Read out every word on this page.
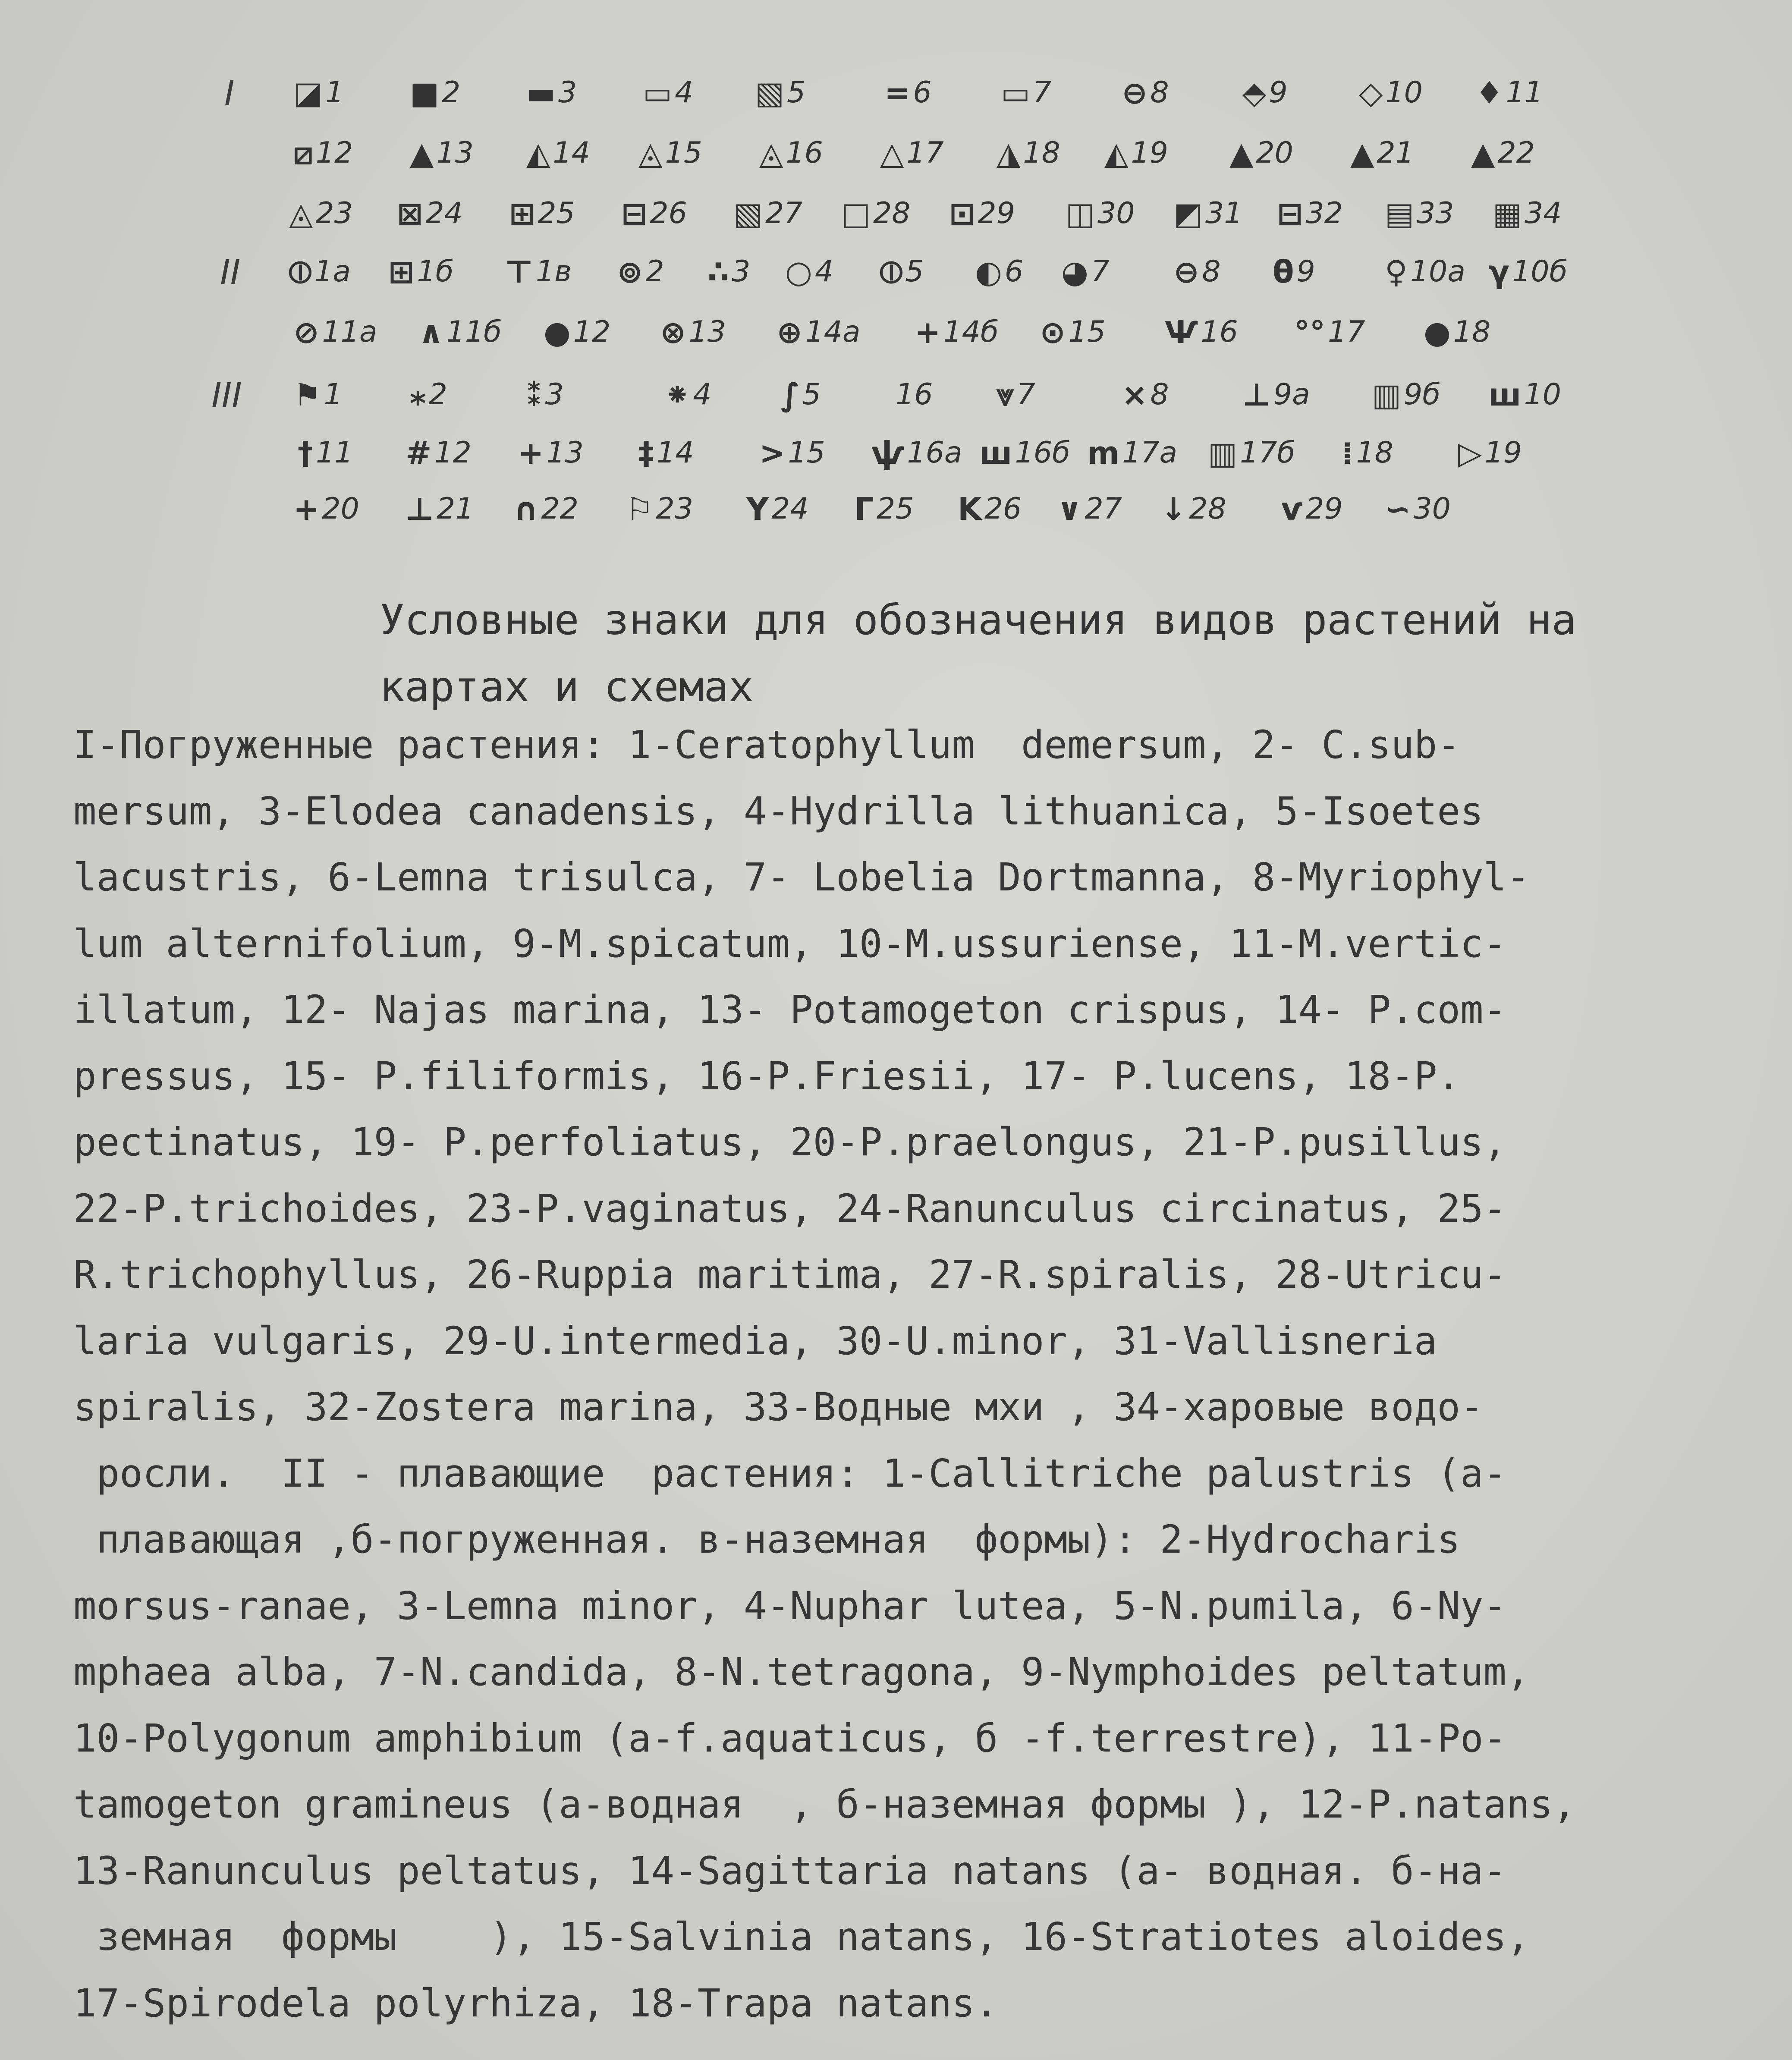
I ◪ 1 ■ 2 ▬ 3 ▭ 4 ▧ 5	= 6 ▭ 7 ⊖ 8 ⬘ 9 ◇ 10 ♦ 11
⧄ 12 ▲ 13 ◭ 14 ◬ 15 ◬ 16 △ 17 ◮ 18 ◭ 19 ▲ 20 ▲ 21 ▲ 22
◬ 23 ⊠ 24 ⊞ 25 ⊟ 26 ▧ 27 □ 28 ⊡ 29 ◫ 30 ◩ 31 ⊟ 32 ▤ 33 ▦ 34
II ⦶ 1a ⊞ 1б ⊤ 1в ⊚ 2 ∴ 3 ○ 4 ⦶ 5 ◐ 6 ◕ 7 ⊖ 8 θ 9 ♀ 10a γ 10б
⊘ 11a ∧ 11б ● 12 ⊗ 13 ⊕ 14a + 14б ⊙ 15 Ѱ 16 °° 17 ● 18
III ⚑ 1 ⁎ 2	⁑ 3	⁕ 4 ∫ 5	16 ⩔ 7	× 8 ⊥ 9a ▥ 9б ш 10
† 11 # 12 + 13 ‡ 14 > 15 ѱ 16a ш 16б ⅿ 17a ▥ 17б ⁞ 18 ▷ 19
+ 20 ⊥ 21 ∩ 22 ⚐ 23 Y 24 Г 25 K 26 ∨ 27 ↓ 28 ѵ 29 ∽ 30
Условные знаки для обозначения видов растений на
картах и схемах
I-Погруженные растения: 1-Ceratophyllum  demersum, 2- C.sub-
mersum, 3-Elodea canadensis, 4-Hydrilla lithuanica, 5-Isoetes
lacustris, 6-Lemna trisulca, 7- Lobelia Dortmanna, 8-Myriophyl-
lum alternifolium, 9-M.spicatum, 10-M.ussuriense, 11-M.vertic-
illatum, 12- Najas marina, 13- Potamogeton crispus, 14- P.com-
pressus, 15- P.filiformis, 16-P.Friesii, 17- P.lucens, 18-P.
pectinatus, 19- P.perfoliatus, 20-P.praelongus, 21-P.pusillus,
22-P.trichoides, 23-P.vaginatus, 24-Ranunculus circinatus, 25-
R.trichophyllus, 26-Ruppia maritima, 27-R.spiralis, 28-Utricu-
laria vulgaris, 29-U.intermedia, 30-U.minor, 31-Vallisneria
spiralis, 32-Zostera marina, 33-Водные мхи , 34-харовые водо-
росли.  II - плавающие  растения: 1-Callitriche palustris (a-
плавающая ,б-погруженная. в-наземная  формы): 2-Hydrocharis
morsus-ranae, 3-Lemna minor, 4-Nuphar lutea, 5-N.pumila, 6-Ny-
mphaea alba, 7-N.candida, 8-N.tetragona, 9-Nymphoides peltatum,
10-Polygonum amphibium (a-f.aquaticus, б -f.terrestre), 11-Po-
tamogeton gramineus (а-водная  , б-наземная формы ), 12-P.natans,
13-Ranunculus peltatus, 14-Sagittaria natans (a- водная. б-на-
земная  формы    ), 15-Salvinia natans, 16-Stratiotes aloides,
17-Spirodela polyrhiza, 18-Trapa natans.
